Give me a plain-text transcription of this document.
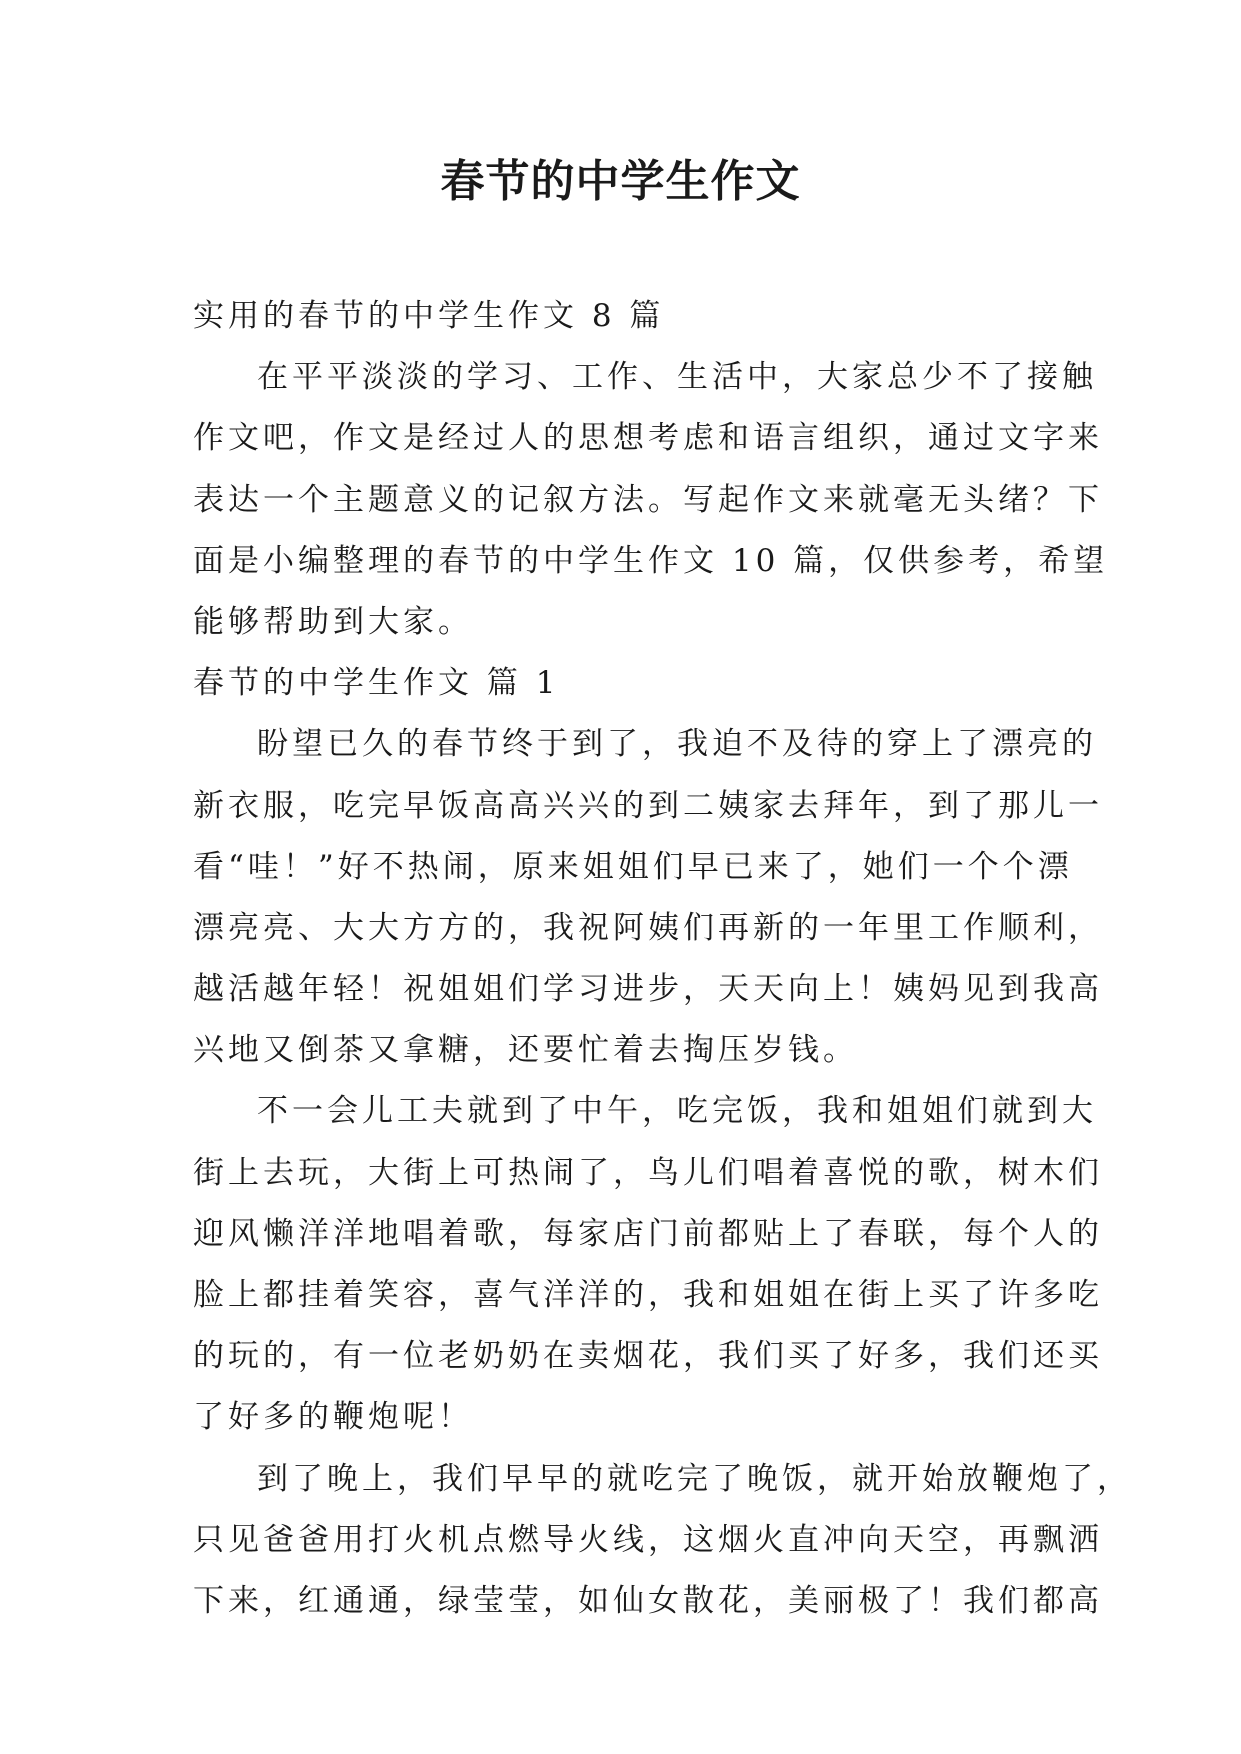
春节的中学生作文

实用的春节的中学生作文 8 篇

在平平淡淡的学习、工作、生活中，大家总少不了接触

作文吧，作文是经过人的思想考虑和语言组织，通过文字来

表达一个主题意义的记叙方法。写起作文来就毫无头绪？下

面是小编整理的春节的中学生作文 10 篇，仅供参考，希望

能够帮助到大家。

春节的中学生作文 篇 1

盼望已久的春节终于到了，我迫不及待的穿上了漂亮的

新衣服，吃完早饭高高兴兴的到二姨家去拜年，到了那儿一

看“哇！”好不热闹，原来姐姐们早已来了，她们一个个漂

漂亮亮、大大方方的，我祝阿姨们再新的一年里工作顺利，

越活越年轻！祝姐姐们学习进步，天天向上！姨妈见到我高

兴地又倒茶又拿糖，还要忙着去掏压岁钱。

不一会儿工夫就到了中午，吃完饭，我和姐姐们就到大

街上去玩，大街上可热闹了，鸟儿们唱着喜悦的歌，树木们

迎风懒洋洋地唱着歌，每家店门前都贴上了春联，每个人的

脸上都挂着笑容，喜气洋洋的，我和姐姐在街上买了许多吃

的玩的，有一位老奶奶在卖烟花，我们买了好多，我们还买

了好多的鞭炮呢！

到了晚上，我们早早的就吃完了晚饭，就开始放鞭炮了，

只见爸爸用打火机点燃导火线，这烟火直冲向天空，再飘洒

下来，红通通，绿莹莹，如仙女散花，美丽极了！我们都高
